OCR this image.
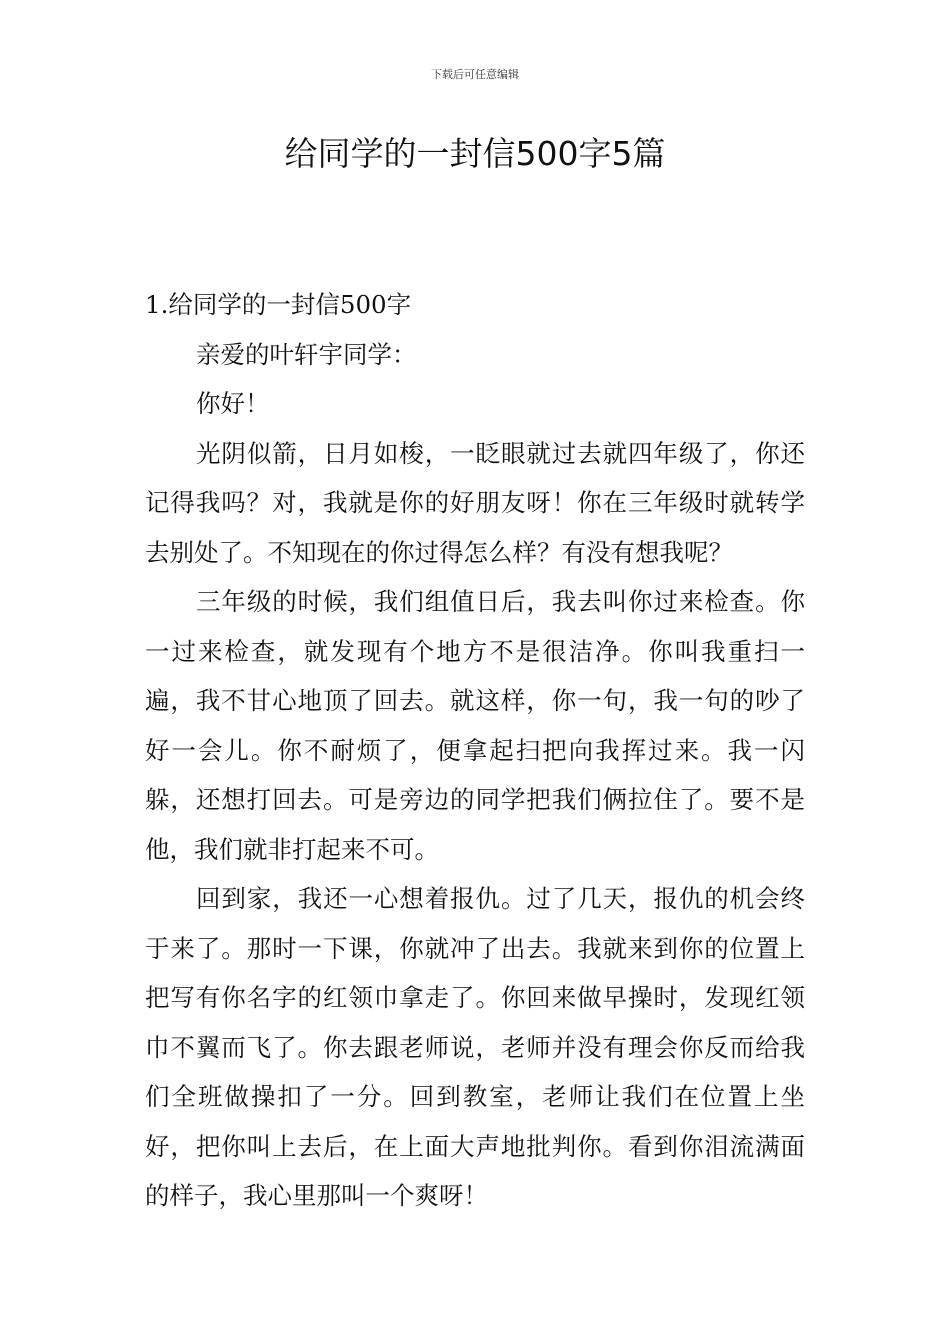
下载后可任意编辑
给同学的一封信500字5篇

1.给同学的一封信500字

亲爱的叶轩宇同学：

你好！

光阴似箭，日月如梭，一眨眼就过去就四年级了，你还记得我吗？对，我就是你的好朋友呀！你在三年级时就转学去别处了。不知现在的你过得怎么样？有没有想我呢？

三年级的时候，我们组值日后，我去叫你过来检查。你一过来检查，就发现有个地方不是很洁净。你叫我重扫一遍，我不甘心地顶了回去。就这样，你一句，我一句的吵了好一会儿。你不耐烦了，便拿起扫把向我挥过来。我一闪躲，还想打回去。可是旁边的同学把我们俩拉住了。要不是他，我们就非打起来不可。

回到家，我还一心想着报仇。过了几天，报仇的机会终于来了。那时一下课，你就冲了出去。我就来到你的位置上把写有你名字的红领巾拿走了。你回来做早操时，发现红领巾不翼而飞了。你去跟老师说，老师并没有理会你反而给我们全班做操扣了一分。回到教室，老师让我们在位置上坐好，把你叫上去后，在上面大声地批判你。看到你泪流满面的样子，我心里那叫一个爽呀！
